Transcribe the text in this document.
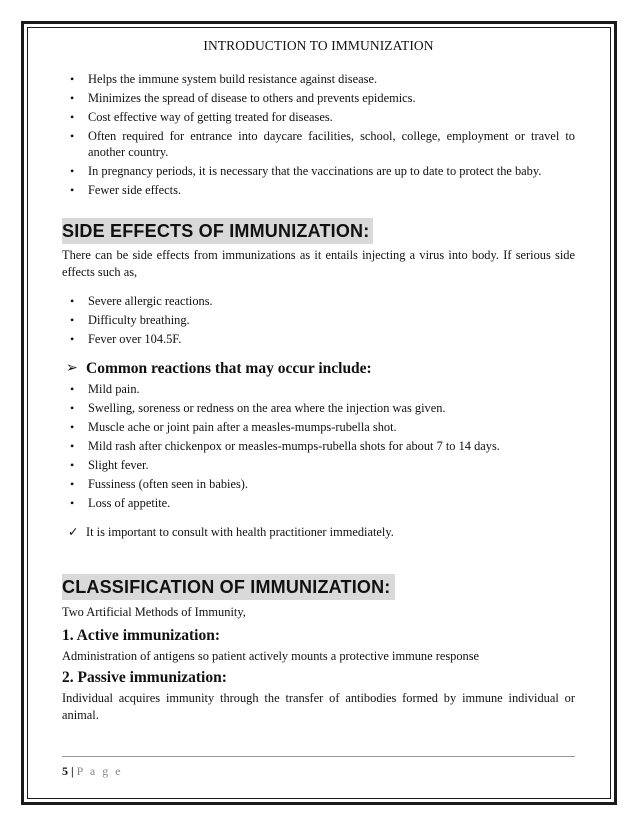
INTRODUCTION TO IMMUNIZATION
• Helps the immune system build resistance against disease.
• Minimizes the spread of disease to others and prevents epidemics.
• Cost effective way of getting treated for diseases.
• Often required for entrance into daycare facilities, school, college, employment or travel to another country.
• In pregnancy periods, it is necessary that the vaccinations are up to date to protect the baby.
• Fewer side effects.
SIDE EFFECTS OF IMMUNIZATION:

There can be side effects from immunizations as it entails injecting a virus into body. If serious side effects such as,

• Severe allergic reactions.
• Difficulty breathing.
• Fever over 104.5F.
➢ Common reactions that may occur include:
• Mild pain.
• Swelling, soreness or redness on the area where the injection was given.
• Muscle ache or joint pain after a measles-mumps-rubella shot.
• Mild rash after chickenpox or measles-mumps-rubella shots for about 7 to 14 days.
• Slight fever.
• Fussiness (often seen in babies).
• Loss of appetite.
✓ It is important to consult with health practitioner immediately.
CLASSIFICATION OF IMMUNIZATION:

Two Artificial Methods of Immunity,

1. Active immunization:

Administration of antigens so patient actively mounts a protective immune response

2. Passive immunization:

Individual acquires immunity through the transfer of antibodies formed by immune individual or animal.

5 | P a g e
